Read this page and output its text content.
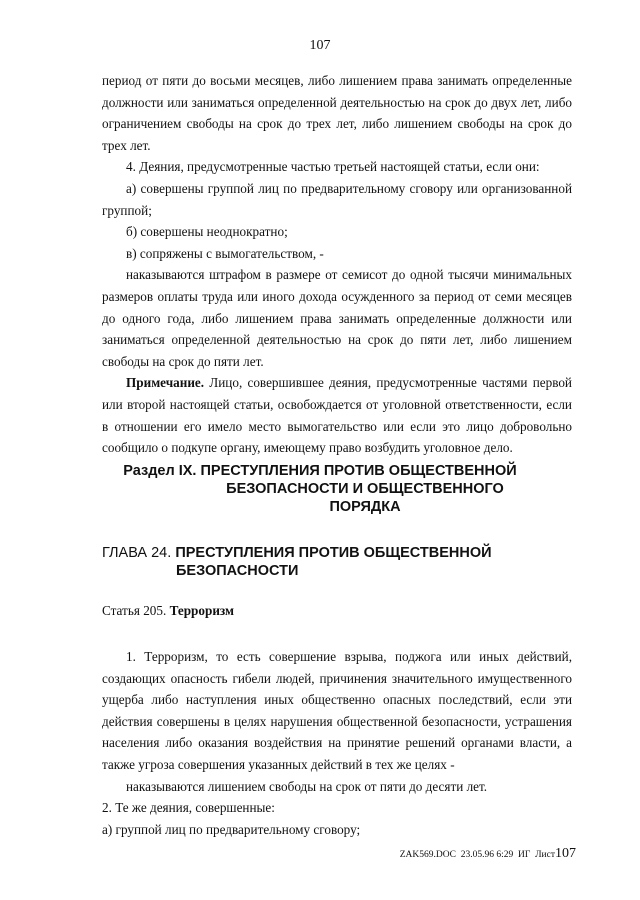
107

период от пяти до восьми месяцев, либо лишением права занимать определенные должности или заниматься определенной деятельностью на срок до двух лет, либо ограничением свободы на срок до трех лет, либо лишением свободы на срок до трех лет.

4. Деяния, предусмотренные частью третьей настоящей статьи, если они:

а) совершены группой лиц по предварительному сговору или организованной группой;

б) совершены неоднократно;

в) сопряжены с вымогательством, -

наказываются штрафом в размере от семисот до одной тысячи минимальных размеров оплаты труда или иного дохода осужденного за период от семи месяцев до одного года, либо лишением права занимать определенные должности или заниматься определенной деятельностью на срок до пяти лет, либо лишением свободы на срок до пяти лет.

Примечание. Лицо, совершившее деяния, предусмотренные частями первой или второй настоящей статьи, освобождается от уголовной ответственности, если в отношении его имело место вымогательство или если это лицо добровольно сообщило о подкупе органу, имеющему право возбудить уголовное дело.

Раздел IX. ПРЕСТУПЛЕНИЯ ПРОТИВ ОБЩЕСТВЕННОЙ
БЕЗОПАСНОСТИ И ОБЩЕСТВЕННОГО
ПОРЯДКА
ГЛАВА 24. ПРЕСТУПЛЕНИЯ ПРОТИВ ОБЩЕСТВЕННОЙ
БЕЗОПАСНОСТИ
Статья 205. Терроризм

1. Терроризм, то есть совершение взрыва, поджога или иных действий, создающих опасность гибели людей, причинения значительного имущественного ущерба либо наступления иных общественно опасных последствий, если эти действия совершены в целях нарушения общественной безопасности, устрашения населения либо оказания воздействия на принятие решений органами власти, а также угроза совершения указанных действий в тех же целях -

наказываются лишением свободы на срок от пяти до десяти лет.

2. Те же деяния, совершенные:

а) группой лиц по предварительному сговору;

ZAK569.DOC 23.05.96 6:29 ИГ Лист107
